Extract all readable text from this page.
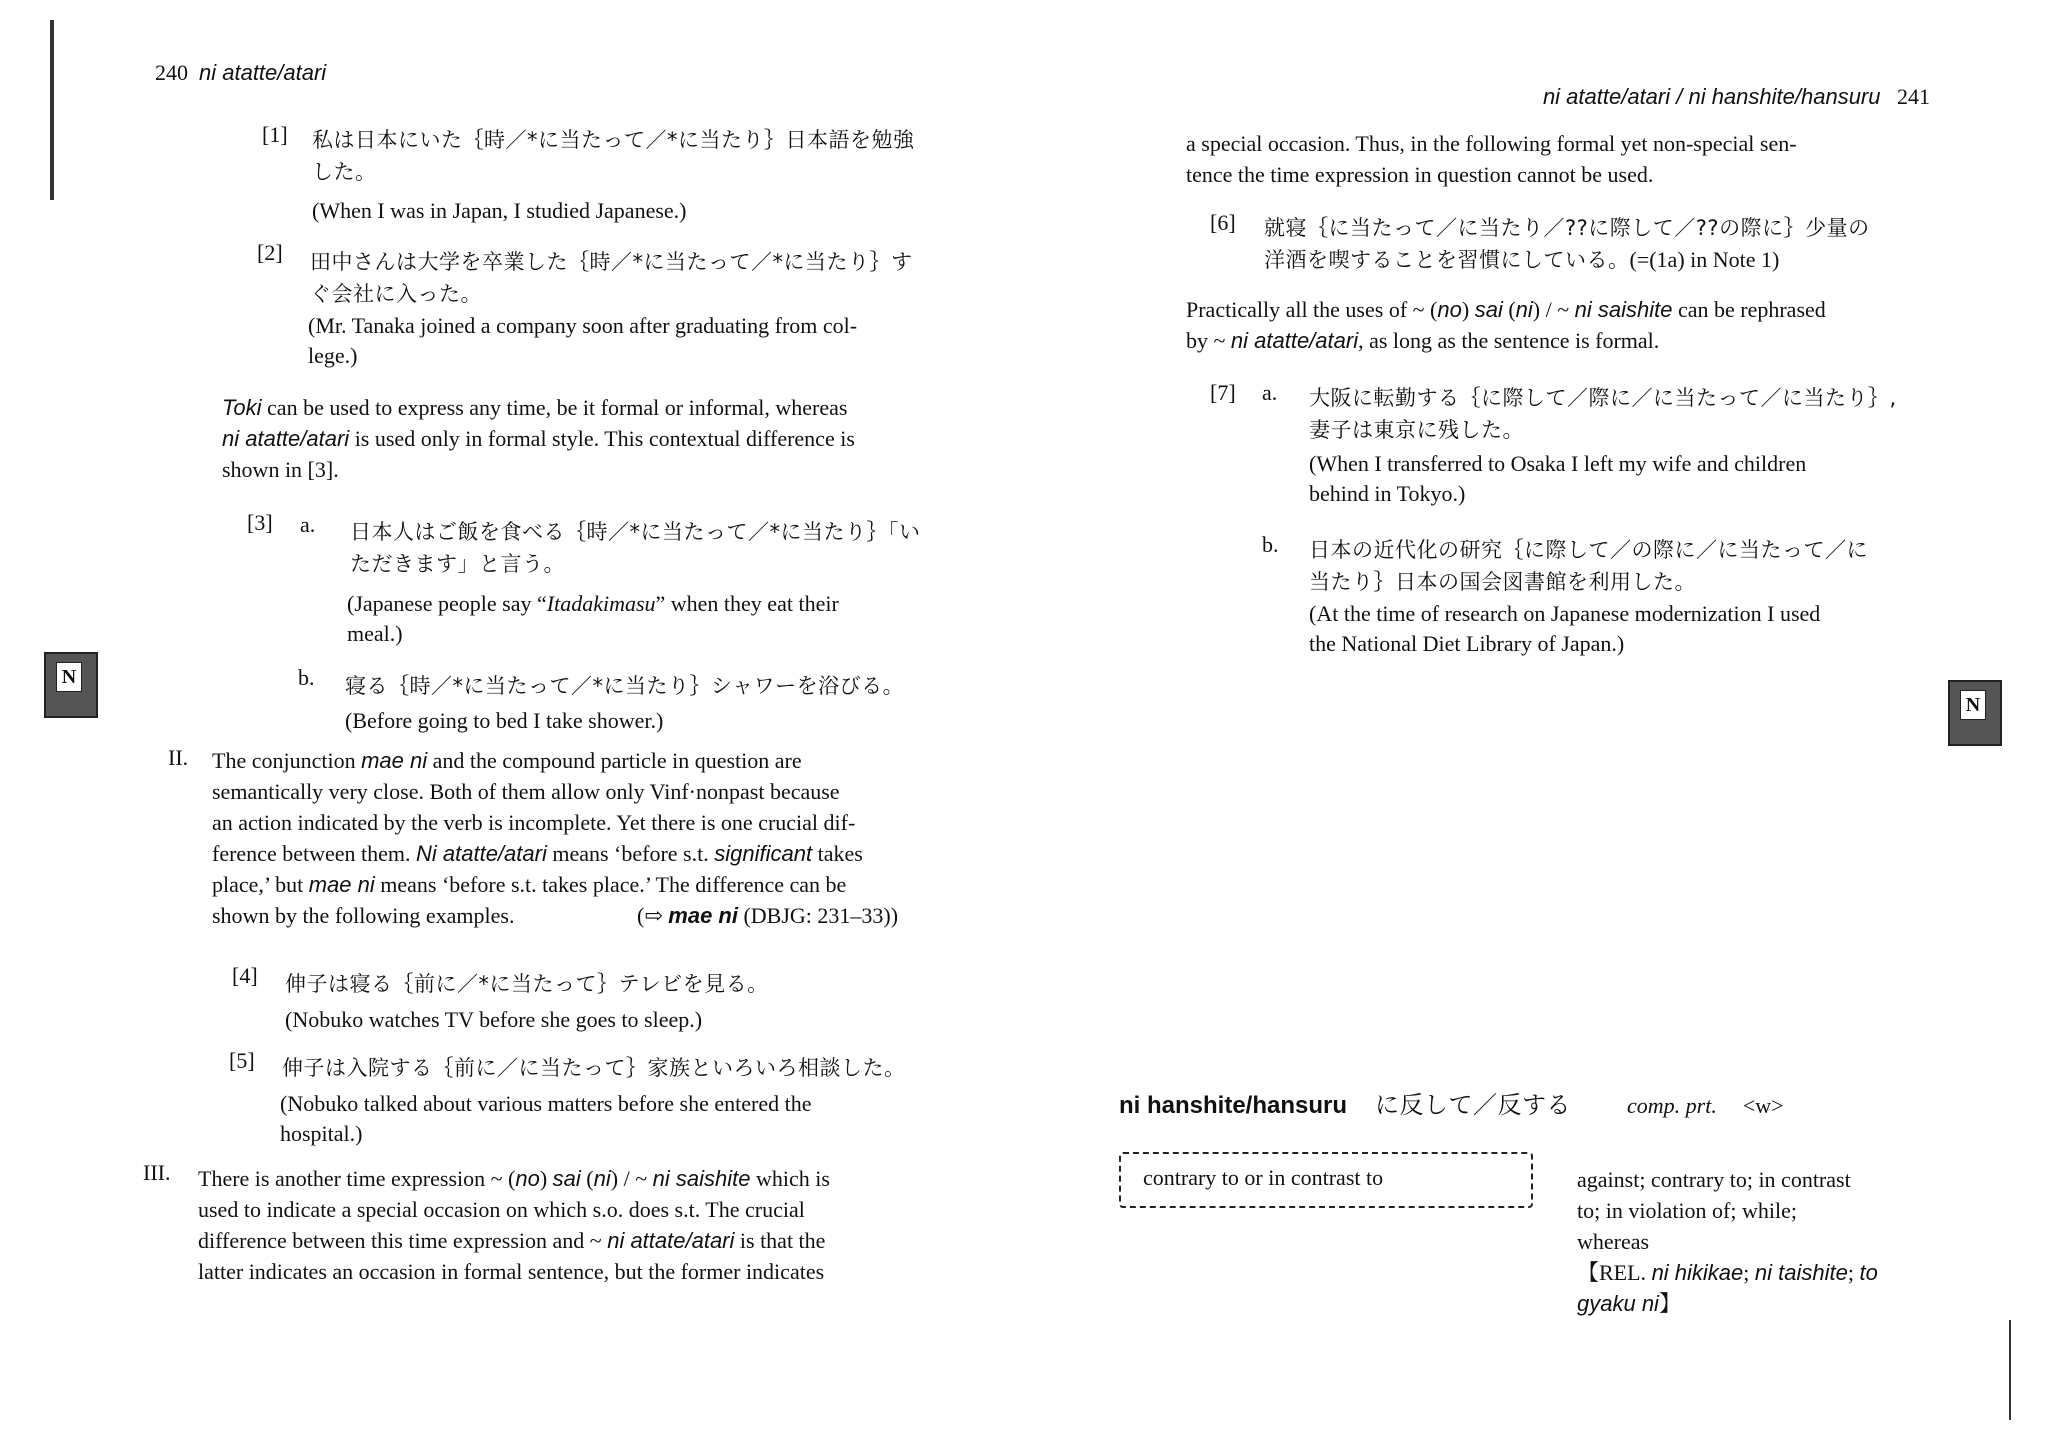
240 ni atatte/atari
[1] 私は日本にいた｛時／*に当たって／*に当たり｝日本語を勉強
した。
(When I was in Japan, I studied Japanese.)
[2] 田中さんは大学を卒業した｛時／*に当たって／*に当たり｝す
ぐ会社に入った。
(Mr. Tanaka joined a company soon after graduating from col-
lege.)
Toki can be used to express any time, be it formal or informal, whereas
ni atatte/atari is used only in formal style. This contextual difference is
shown in [3].
[3] a. 日本人はご飯を食べる｛時／*に当たって／*に当たり｝「い
ただきます」と言う。
(Japanese people say “Itadakimasu” when they eat their
meal.)
b. 寝る｛時／*に当たって／*に当たり｝シャワーを浴びる。
(Before going to bed I take shower.)
II. The conjunction mae ni and the compound particle in question are
semantically very close. Both of them allow only Vinf·nonpast because
an action indicated by the verb is incomplete. Yet there is one crucial dif-
ference between them. Ni atatte/atari means ‘before s.t. significant takes
place,’ but mae ni means ‘before s.t. takes place.’ The difference can be
shown by the following examples.	(⇨ mae ni (DBJG: 231–33))
[4] 伸子は寝る｛前に／*に当たって｝テレビを見る。
(Nobuko watches TV before she goes to sleep.)
[5] 伸子は入院する｛前に／に当たって｝家族といろいろ相談した。
(Nobuko talked about various matters before she entered the
hospital.)
III. There is another time expression ~ (no) sai (ni) / ~ ni saishite which is
used to indicate a special occasion on which s.o. does s.t. The crucial
difference between this time expression and ~ ni attate/atari is that the
latter indicates an occasion in formal sentence, but the former indicates
N
ni atatte/atari / ni hanshite/hansuru 241
a special occasion. Thus, in the following formal yet non-special sen-
tence the time expression in question cannot be used.
[6] 就寝｛に当たって／に当たり／??に際して／??の際に｝少量の
洋酒を喫することを習慣にしている。(=(1a) in Note 1)
Practically all the uses of ~ (no) sai (ni) / ~ ni saishite can be rephrased
by ~ ni atatte/atari, as long as the sentence is formal.
[7] a. 大阪に転勤する｛に際して／際に／に当たって／に当たり｝,
妻子は東京に残した。
(When I transferred to Osaka I left my wife and children
behind in Tokyo.)
b. 日本の近代化の研究｛に際して／の際に／に当たって／に
当たり｝日本の国会図書館を利用した。
(At the time of research on Japanese modernization I used
the National Diet Library of Japan.)
ni hanshite/hansuru に反して／反する	comp. prt. <w>
contrary to or in contrast to	against; contrary to; in contrast
to; in violation of; while;
whereas
【REL. ni hikikae; ni taishite; to
gyaku ni】
N
